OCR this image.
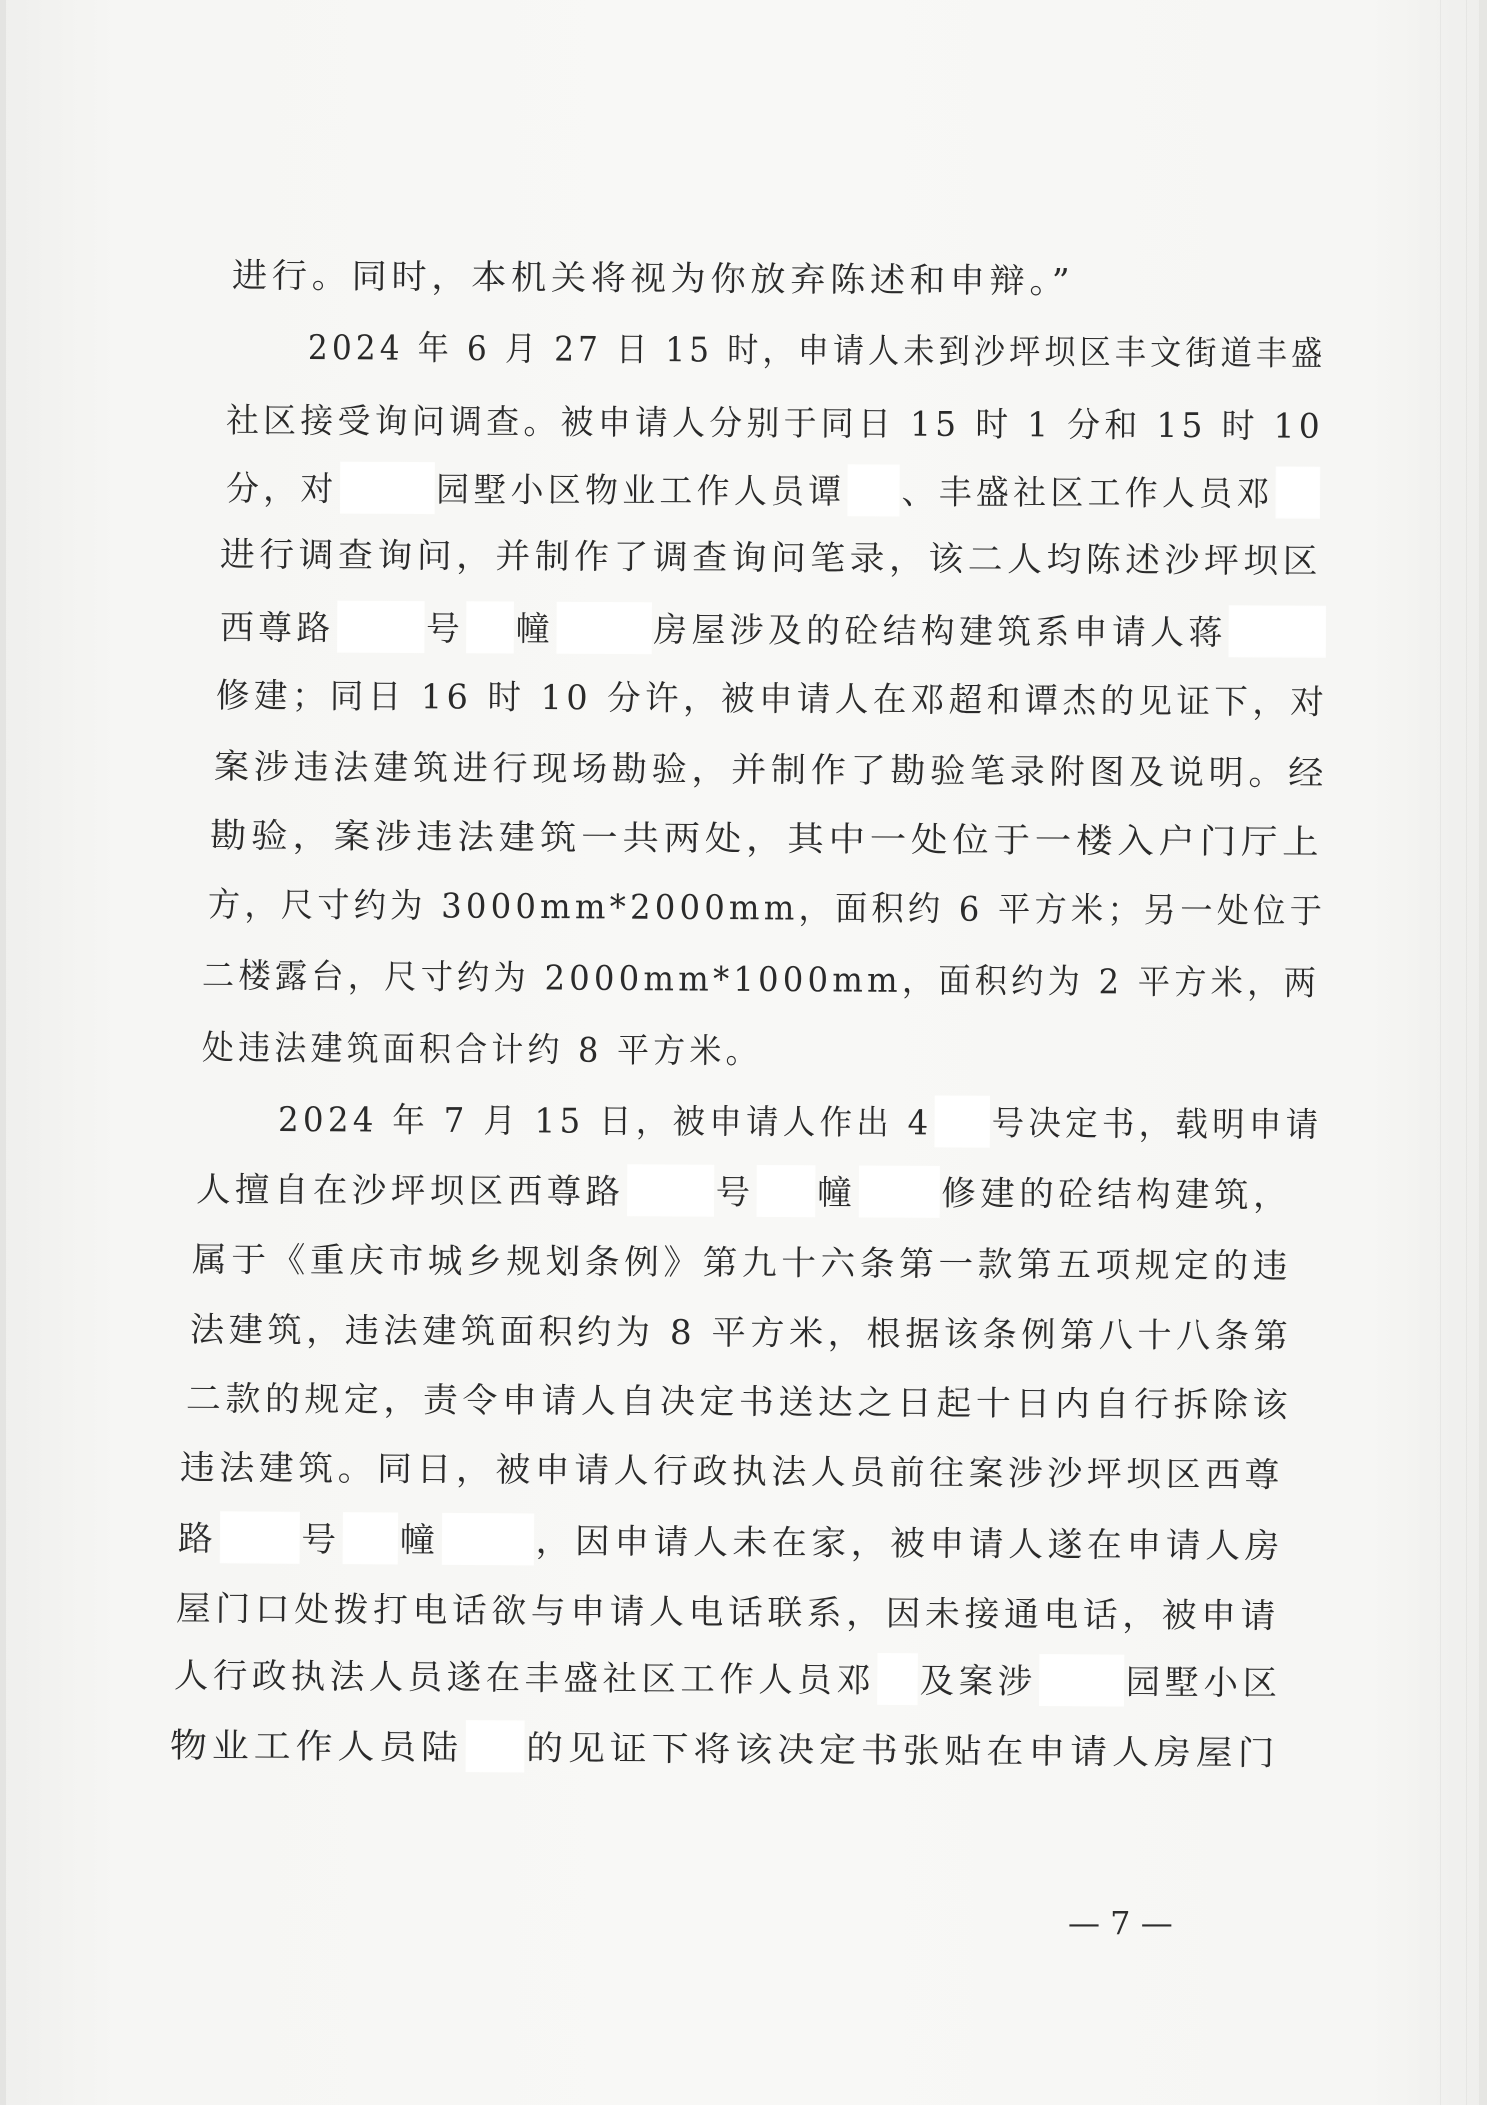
进行。同时，本机关将视为你放弃陈述和申辩。”
2024 年 6 月 27 日 15 时，申请人未到沙坪坝区丰文街道丰盛
社区接受询问调查。被申请人分别于同日 15 时 1 分和 15 时 10
分，对	园墅小区物业工作人员谭 、丰盛社区工作人员邓
进行调查询问，并制作了调查询问笔录，该二人均陈述沙坪坝区
西尊路	号 幢	房屋涉及的砼结构建筑系申请人蒋
修建；同日 16 时 10 分许，被申请人在邓超和谭杰的见证下，对
案涉违法建筑进行现场勘验，并制作了勘验笔录附图及说明。经
勘验，案涉违法建筑一共两处，其中一处位于一楼入户门厅上
方，尺寸约为 3000mm*2000mm，面积约 6 平方米；另一处位于
二楼露台，尺寸约为 2000mm*1000mm，面积约为 2 平方米，两
处违法建筑面积合计约 8 平方米。
2024 年 7 月 15 日，被申请人作出 4 号决定书，载明申请
人擅自在沙坪坝区西尊路	号 幢 修建的砼结构建筑，
属于《重庆市城乡规划条例》第九十六条第一款第五项规定的违
法建筑，违法建筑面积约为 8 平方米，根据该条例第八十八条第
二款的规定，责令申请人自决定书送达之日起十日内自行拆除该
违法建筑。同日，被申请人行政执法人员前往案涉沙坪坝区西尊
路 号 幢	，因申请人未在家，被申请人遂在申请人房
屋门口处拨打电话欲与申请人电话联系，因未接通电话，被申请
人行政执法人员遂在丰盛社区工作人员邓 及案涉	园墅小区
物业工作人员陆 的见证下将该决定书张贴在申请人房屋门
— 7 —
